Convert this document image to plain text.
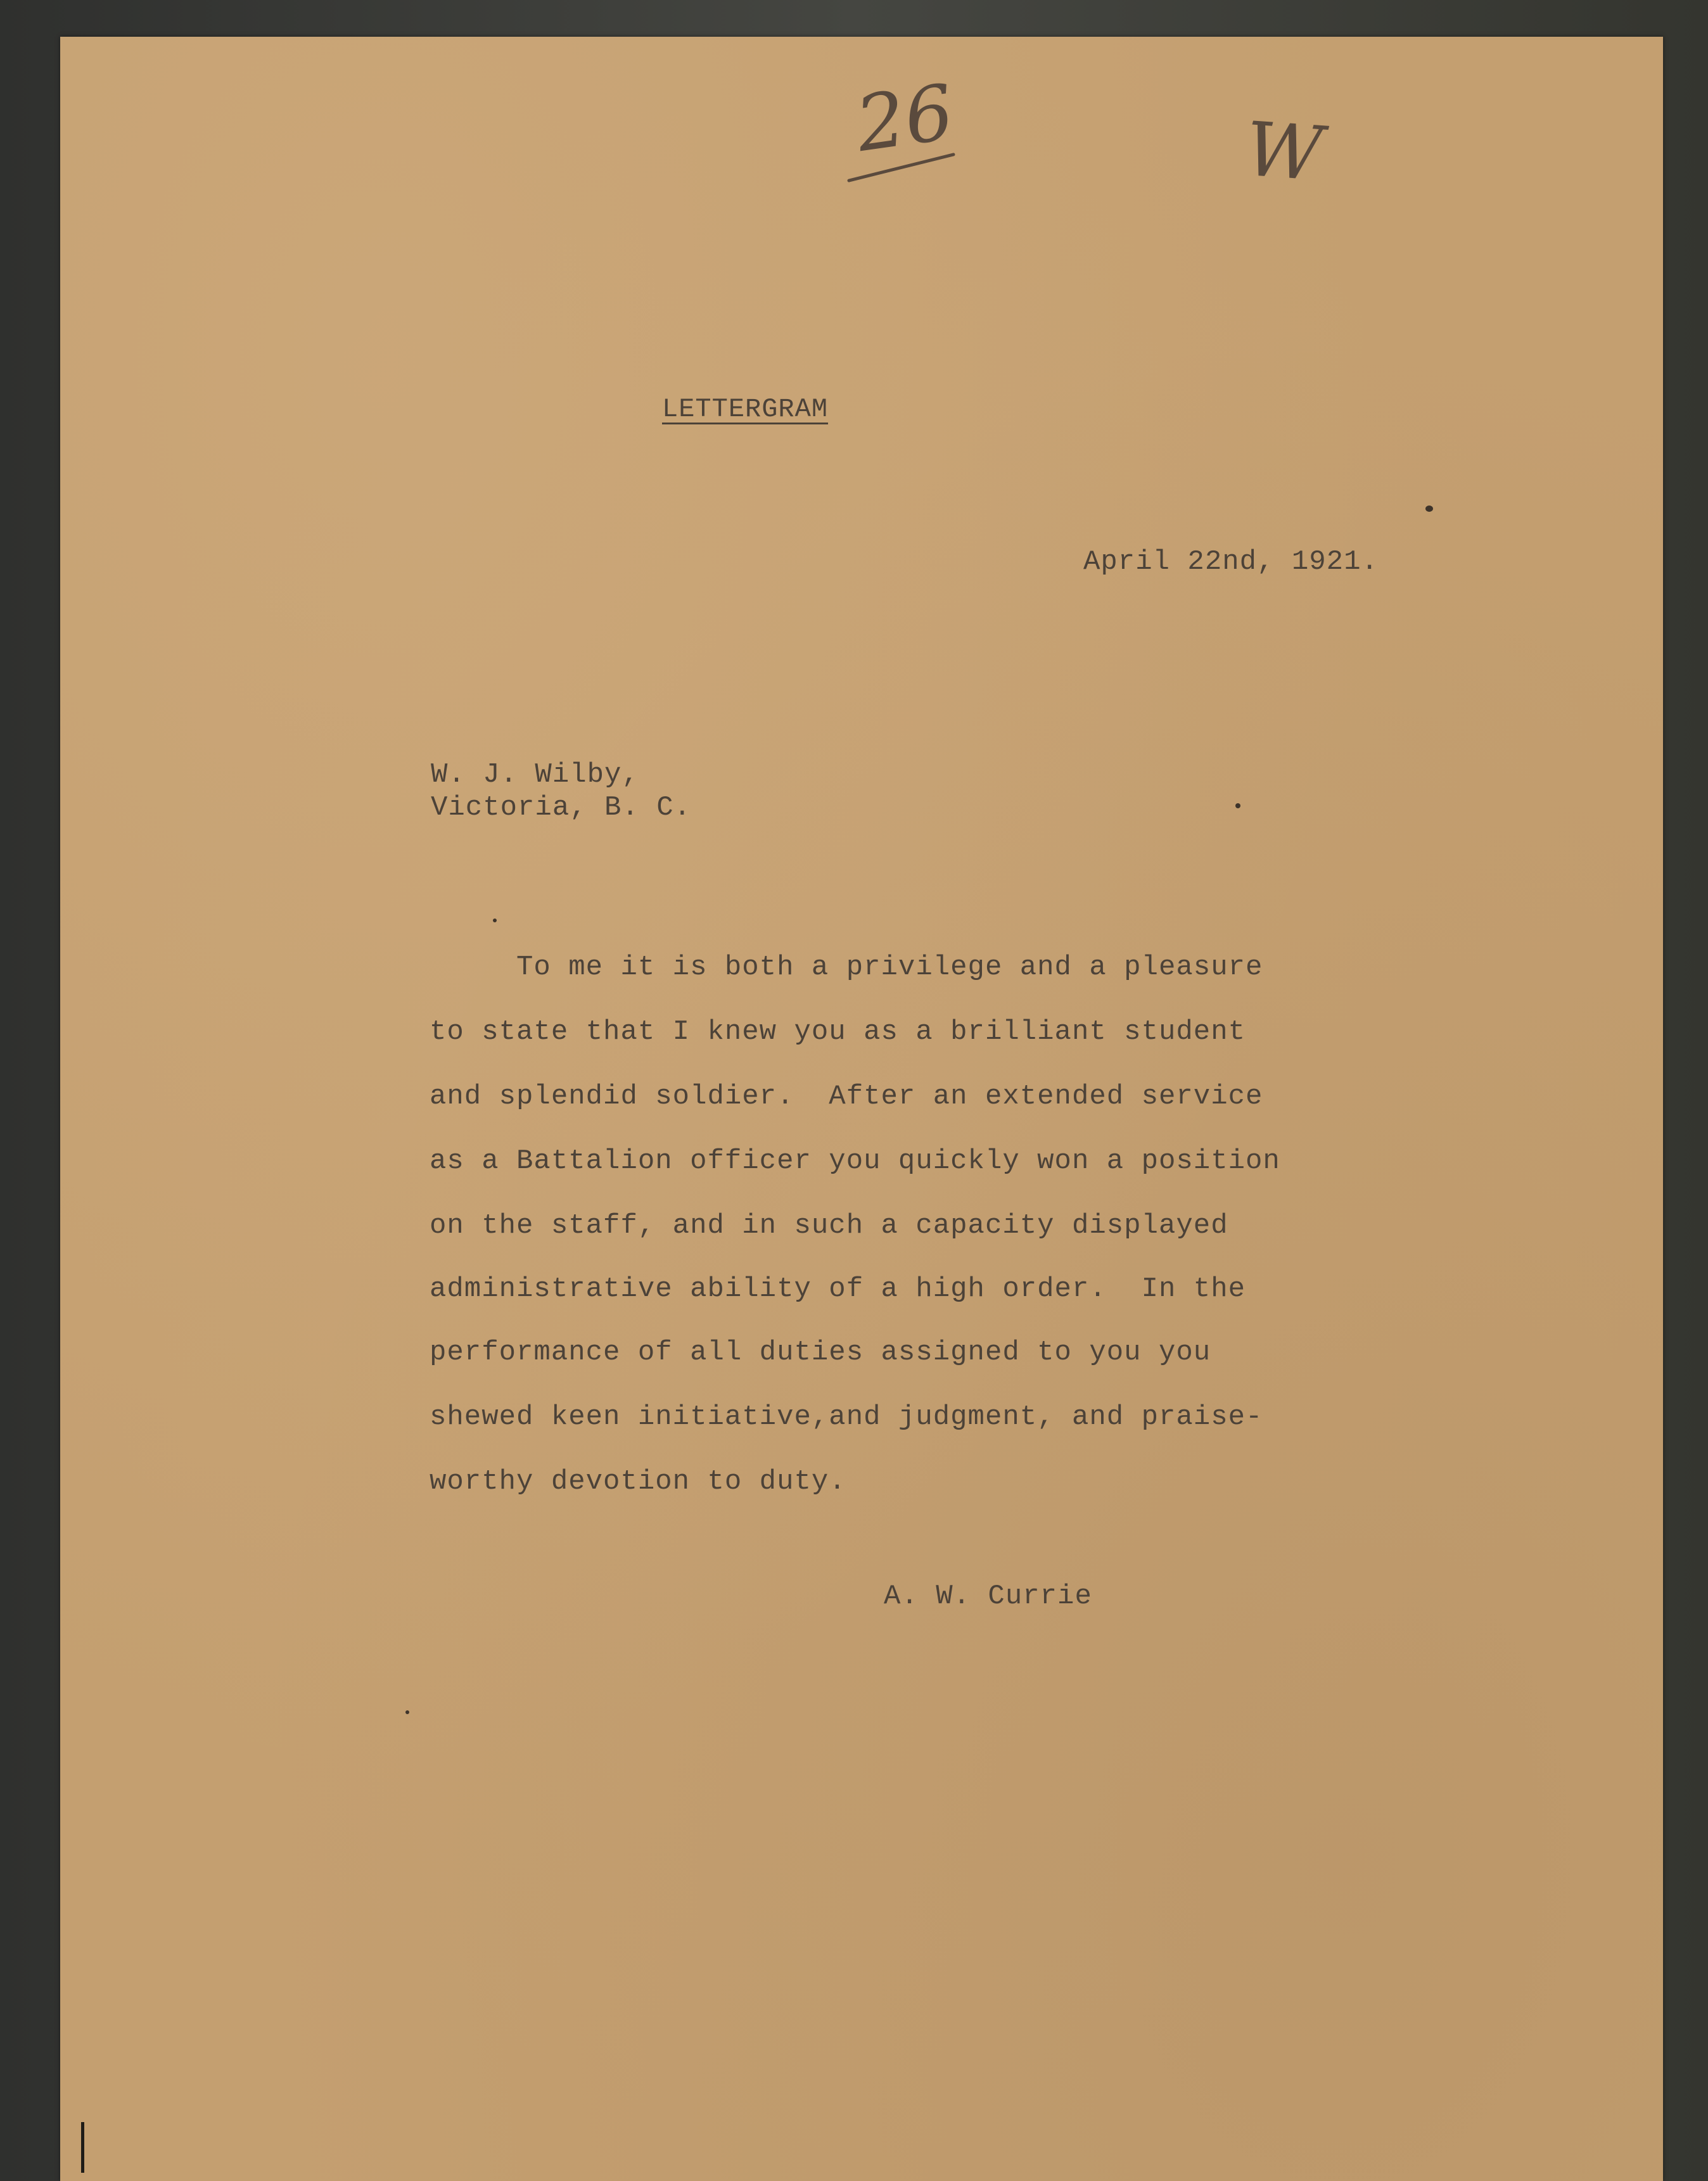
26	W
LETTERGRAM
April 22nd, 1921.
W. J. Wilby,
Victoria, B. C.
To me it is both a privilege and a pleasure
to state that I knew you as a brilliant student
and splendid soldier.  After an extended service
as a Battalion officer you quickly won a position
on the staff, and in such a capacity displayed
administrative ability of a high order.  In the
performance of all duties assigned to you you
shewed keen initiative,and judgment, and praise-
worthy devotion to duty.
A. W. Currie
